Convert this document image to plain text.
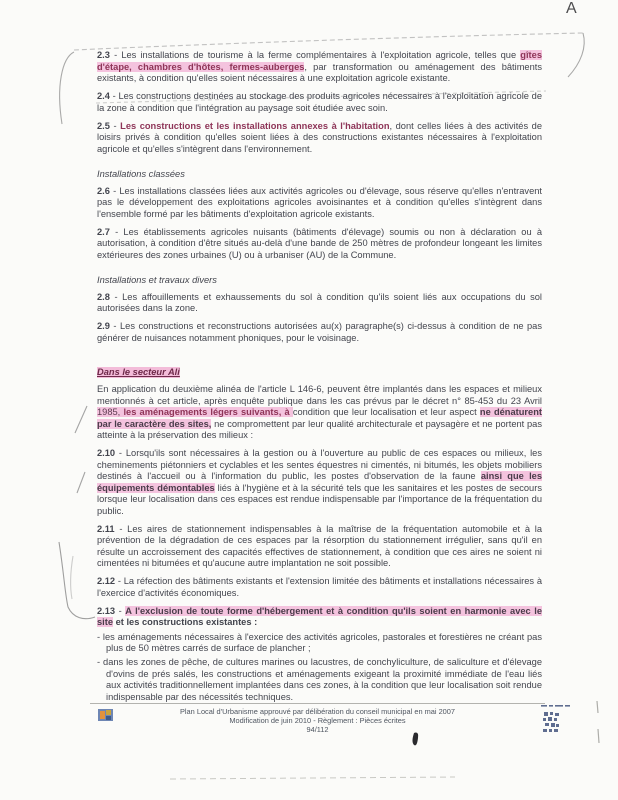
A

2.3 - Les installations de tourisme à la ferme complémentaires à l'exploitation agricole, telles que gîtes d'étape, chambres d'hôtes, fermes-auberges, par transformation ou aménagement des bâtiments existants, à condition qu'elles soient nécessaires à une exploitation agricole existante.

2.4 - Les constructions destinées au stockage des produits agricoles nécessaires à l'exploitation agricole de la zone à condition que l'intégration au paysage soit étudiée avec soin.

2.5 - Les constructions et les installations annexes à l'habitation, dont celles liées à des activités de loisirs privés à condition qu'elles soient liées à des constructions existantes nécessaires à l'exploitation agricole et qu'elles s'intègrent dans l'environnement.

Installations classées

2.6 - Les installations classées liées aux activités agricoles ou d'élevage, sous réserve qu'elles n'entravent pas le développement des exploitations agricoles avoisinantes et à condition qu'elles s'intègrent dans l'ensemble formé par les bâtiments d'exploitation agricole existants.

2.7 - Les établissements agricoles nuisants (bâtiments d'élevage) soumis ou non à déclaration ou à autorisation, à condition d'être situés au-delà d'une bande de 250 mètres de profondeur longeant les limites extérieures des zones urbaines (U) ou à urbaniser (AU) de la Commune.

Installations et travaux divers

2.8 - Les affouillements et exhaussements du sol à condition qu'ils soient liés aux occupations du sol autorisées dans la zone.

2.9 - Les constructions et reconstructions autorisées au(x) paragraphe(s) ci-dessus à condition de ne pas générer de nuisances notamment phoniques, pour le voisinage.

Dans le secteur Ali

En application du deuxième alinéa de l'article L 146-6, peuvent être implantés dans les espaces et milieux mentionnés à cet article, après enquête publique dans les cas prévus par le décret n° 85-453 du 23 Avril 1985, les aménagements légers suivants, à condition que leur localisation et leur aspect ne dénaturent par le caractère des sites, ne compromettent par leur qualité architecturale et paysagère et ne portent pas atteinte à la préservation des milieux :

2.10 - Lorsqu'ils sont nécessaires à la gestion ou à l'ouverture au public de ces espaces ou milieux, les cheminements piétonniers et cyclables et les sentes équestres ni cimentés, ni bitumés, les objets mobiliers destinés à l'accueil ou à l'information du public, les postes d'observation de la faune ainsi que les équipements démontables liés à l'hygiène et à la sécurité tels que les sanitaires et les postes de secours lorsque leur localisation dans ces espaces est rendue indispensable par l'importance de la fréquentation du public.

2.11 - Les aires de stationnement indispensables à la maîtrise de la fréquentation automobile et à la prévention de la dégradation de ces espaces par la résorption du stationnement irrégulier, sans qu'il en résulte un accroissement des capacités effectives de stationnement, à condition que ces aires ne soient ni cimentées ni bitumées et qu'aucune autre implantation ne soit possible.

2.12 - La réfection des bâtiments existants et l'extension limitée des bâtiments et installations nécessaires à l'exercice d'activités économiques.

2.13 - A l'exclusion de toute forme d'hébergement et à condition qu'ils soient en harmonie avec le site et les constructions existantes :

- les aménagements nécessaires à l'exercice des activités agricoles, pastorales et forestières ne créant pas plus de 50 mètres carrés de surface de plancher ;

- dans les zones de pêche, de cultures marines ou lacustres, de conchyliculture, de saliculture et d'élevage d'ovins de prés salés, les constructions et aménagements exigeant la proximité immédiate de l'eau liés aux activités traditionnellement implantées dans ces zones, à la condition que leur localisation soit rendue indispensable par des nécessités techniques.

Plan Local d'Urbanisme approuvé par délibération du conseil municipal en mai 2007
Modification de juin 2010 - Règlement : Pièces écrites
94/112
